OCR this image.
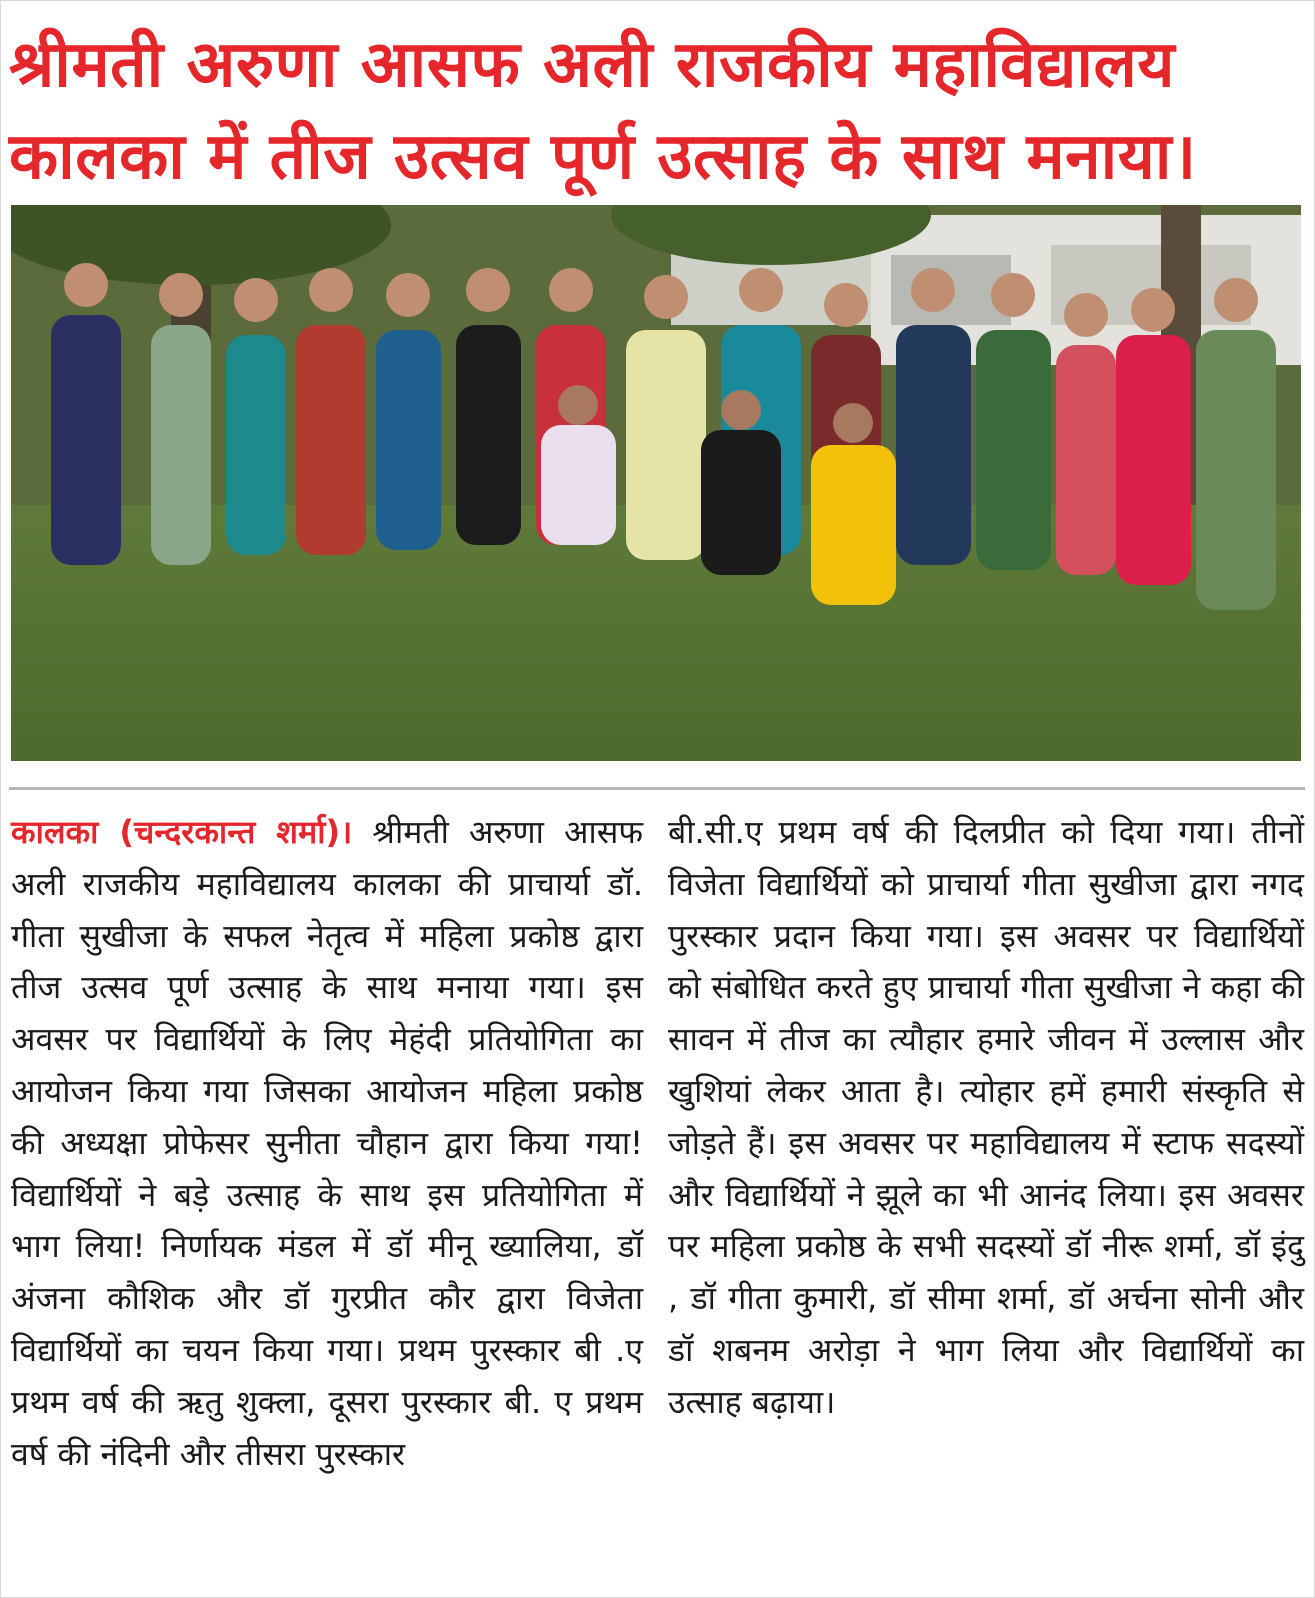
श्रीमती अरुणा आसफ अली राजकीय महाविद्यालय
कालका में तीज उत्सव पूर्ण उत्साह के साथ मनाया।
कालका (चन्दरकान्त शर्मा)। श्रीमती अरुणा आसफ अली राजकीय महाविद्यालय कालका की प्राचार्या डॉ. गीता सुखीजा के सफल नेतृत्व में महिला प्रकोष्ठ द्वारा तीज उत्सव पूर्ण उत्साह के साथ मनाया गया। इस अवसर पर विद्यार्थियों के लिए मेहंदी प्रतियोगिता का आयोजन किया गया जिसका आयोजन महिला प्रकोष्ठ की अध्यक्षा प्रोफेसर सुनीता चौहान द्वारा किया गया! विद्यार्थियों ने बड़े उत्साह के साथ इस प्रतियोगिता में भाग लिया! निर्णायक मंडल में डॉ मीनू ख्यालिया, डॉ अंजना कौशिक और डॉ गुरप्रीत कौर द्वारा विजेता विद्यार्थियों का चयन किया गया। प्रथम पुरस्कार बी .ए प्रथम वर्ष की ऋतु शुक्ला, दूसरा पुरस्कार बी. ए प्रथम वर्ष की नंदिनी और तीसरा पुरस्कार
बी.सी.ए प्रथम वर्ष की दिलप्रीत को दिया गया। तीनों विजेता विद्यार्थियों को प्राचार्या गीता सुखीजा द्वारा नगद पुरस्कार प्रदान किया गया। इस अवसर पर विद्यार्थियों को संबोधित करते हुए प्राचार्या गीता सुखीजा ने कहा की सावन में तीज का त्यौहार हमारे जीवन में उल्लास और खुशियां लेकर आता है। त्योहार हमें हमारी संस्कृति से जोड़ते हैं। इस अवसर पर महाविद्यालय में स्टाफ सदस्यों और विद्यार्थियों ने झूले का भी आनंद लिया। इस अवसर पर महिला प्रकोष्ठ के सभी सदस्यों डॉ नीरू शर्मा, डॉ इंदु , डॉ गीता कुमारी, डॉ सीमा शर्मा, डॉ अर्चना सोनी और डॉ शबनम अरोड़ा ने भाग लिया और विद्यार्थियों का उत्साह बढ़ाया।
